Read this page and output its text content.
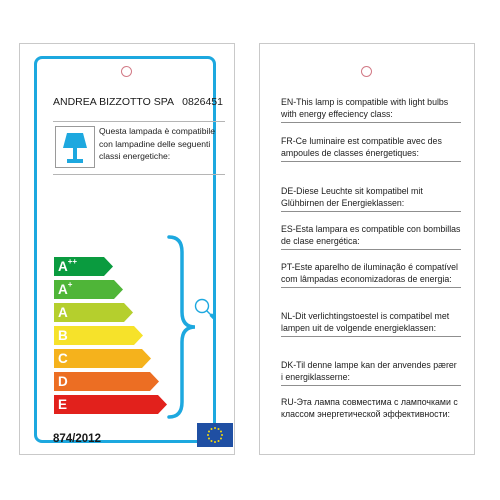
ANDREA BIZZOTTO SPA 0826451
Questa lampada è compatibile con lampadine delle seguenti classi energetiche:
A++
A+
A
B
C
D
E
874/2012
EN-This lamp is compatible with light bulbs with energy effeciency class:
FR-Ce luminaire est compatible avec des ampoules de classes énergetiques:
DE-Diese Leuchte sit kompatibel mit Glühbirnen der Energieklassen:
ES-Esta lampara es compatible con bombillas de clase energética:
PT-Este aparelho de iluminação é compatível com lâmpadas economizadoras de energia:
NL-Dit verlichtingstoestel is compatibel met lampen uit de volgende energieklassen:
DK-Til denne lampe kan der anvendes pærer i energiklasserne:
RU-Эта лампа совместима с лампочками с классом энергетической эффективности:
